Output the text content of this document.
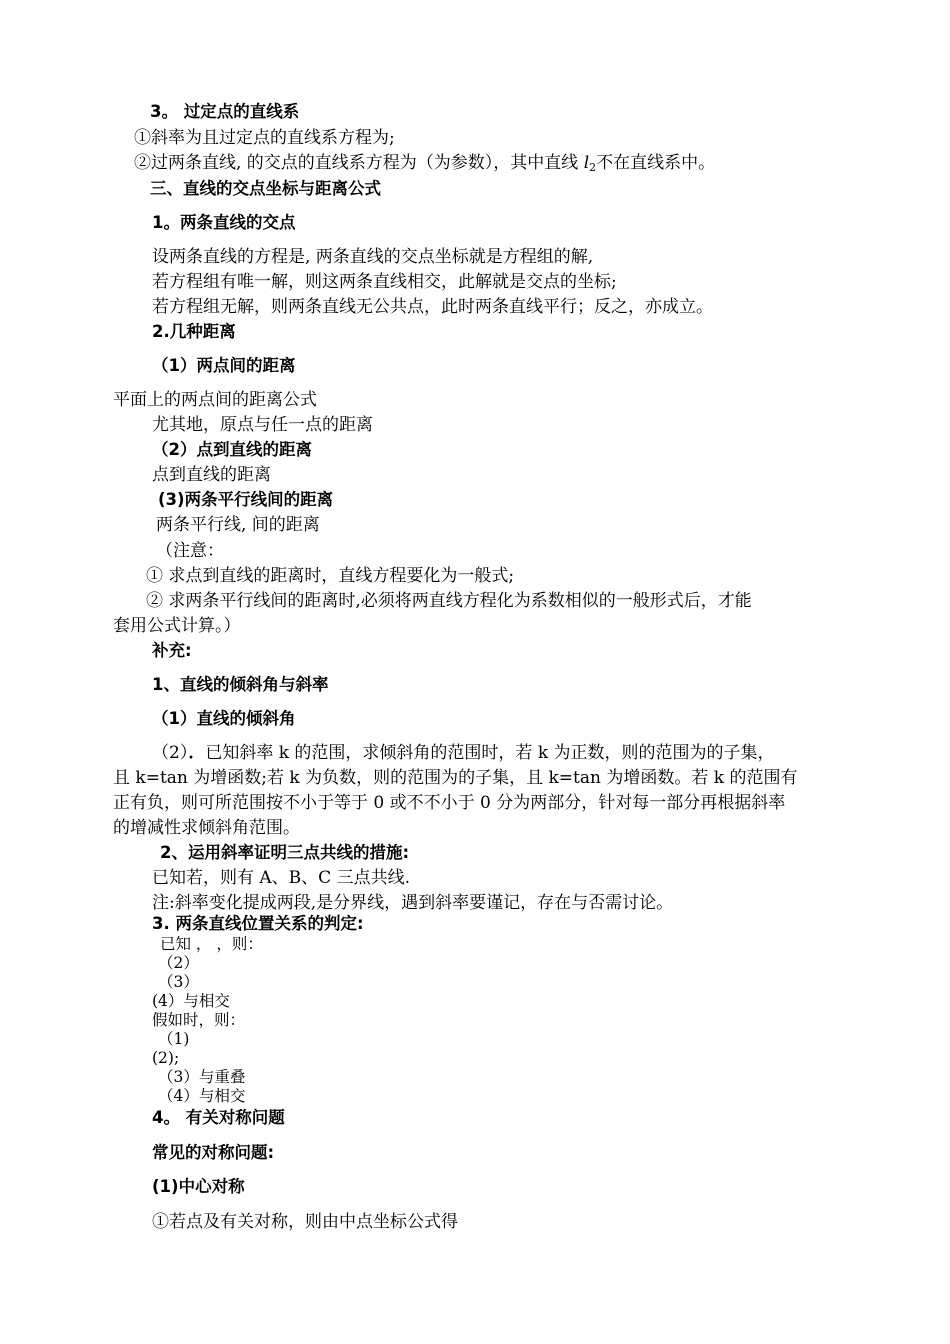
3。 过定点的直线系
①斜率为且过定点的直线系方程为;
②过两条直线, 的交点的直线系方程为（为参数），其中直线 $l_2$不在直线系中。
三、直线的交点坐标与距离公式
1。两条直线的交点
设两条直线的方程是, 两条直线的交点坐标就是方程组的解,
若方程组有唯一解，则这两条直线相交，此解就是交点的坐标;
若方程组无解，则两条直线无公共点，此时两条直线平行；反之，亦成立。
2.几种距离
（1）两点间的距离
平面上的两点间的距离公式
尤其地，原点与任一点的距离
（2）点到直线的距离
点到直线的距离
(3)两条平行线间的距离
两条平行线, 间的距离
（注意：
① 求点到直线的距离时，直线方程要化为一般式;
② 求两条平行线间的距离时,必须将两直线方程化为系数相似的一般形式后，才能
套用公式计算。）
补充:
1、直线的倾斜角与斜率
（1）直线的倾斜角
（2）．已知斜率 k 的范围，求倾斜角的范围时，若 k 为正数，则的范围为的子集，
且 k=tan 为增函数;若 k 为负数，则的范围为的子集，且 k=tan 为增函数。若 k 的范围有
正有负，则可所范围按不小于等于 0 或不不小于 0 分为两部分，针对每一部分再根据斜率
的增减性求倾斜角范围。
2、运用斜率证明三点共线的措施:
已知若，则有 A、B、C 三点共线.
注:斜率变化提成两段,是分界线，遇到斜率要谨记，存在与否需讨论。
3. 两条直线位置关系的判定:
已知 ， ，则：
（2）
（3）
(4）与相交
假如时，则：
（1)
(2);
（3）与重叠
（4）与相交
4。 有关对称问题
常见的对称问题:
(1)中心对称
①若点及有关对称，则由中点坐标公式得
